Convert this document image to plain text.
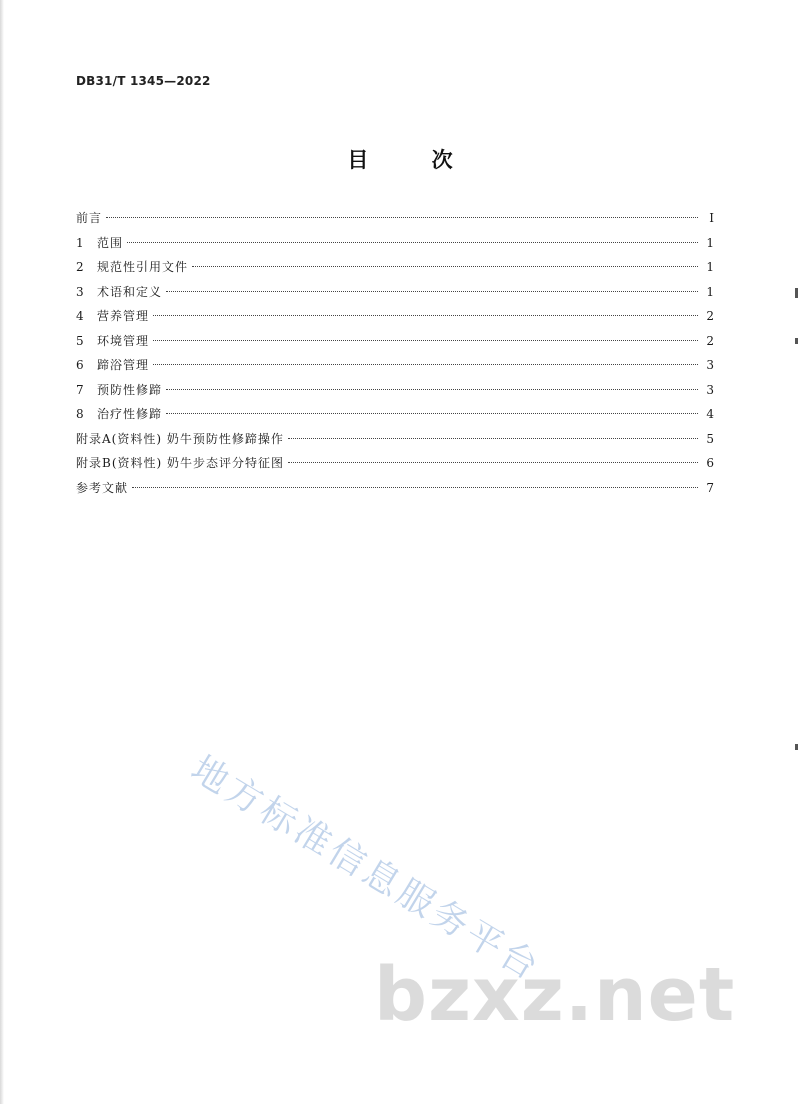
DB31/T 1345—2022
目 次
前言	Ⅰ
1	范围	1
2	规范性引用文件	1
3	术语和定义	1
4	营养管理	2
5	环境管理	2
6	蹄浴管理	3
7	预防性修蹄	3
8	治疗性修蹄	4
附录A(资料性) 奶牛预防性修蹄操作	5
附录B(资料性) 奶牛步态评分特征图	6
参考文献	7
地方标准信息服务平台
bzxz.net
